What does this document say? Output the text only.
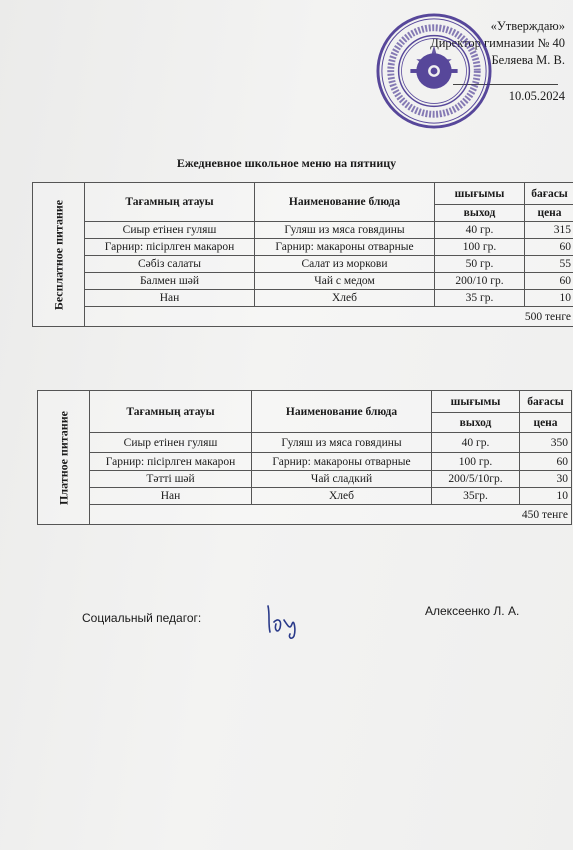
«Утверждаю»
Директор гимназии № 40
Беляева М. В.
10.05.2024
Ежедневное школьное меню на пятницу
Бесплатное питание	Тағамның атауы	Наименование блюда	шығымы	бағасы
			выход	цена
	Сиыр етінен гуляш	Гуляш из мяса говядины	40 гр.	315
	Гарнир: пісірлген макарон	Гарнир: макароны отварные	100 гр.	60
	Сәбіз салаты	Салат из моркови	50 гр.	55
	Балмен шәй	Чай с медом	200/10 гр.	60
	Нан	Хлеб	35 гр.	10
	500 тенге			
Платное питание	Тағамның атауы	Наименование блюда	шығымы	бағасы
			выход	цена
	Сиыр етінен гуляш	Гуляш из мяса говядины	40 гр.	350
	Гарнир: пісірлген макарон	Гарнир: макароны отварные	100 гр.	60
	Тәтті шәй	Чай сладкий	200/5/10гр.	30
	Нан	Хлеб	35гр.	10
	450 тенге			
Социальный педагог:	Алексеенко Л. А.
